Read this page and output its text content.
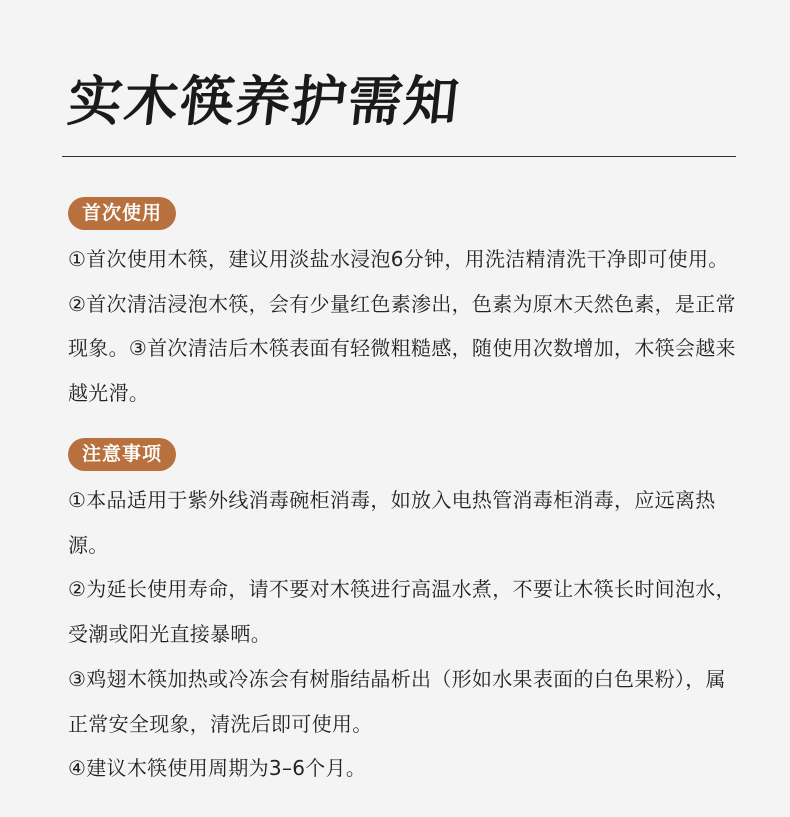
实木筷养护需知
首次使用

①首次使用木筷，建议用淡盐水浸泡6分钟，用洗洁精清洗干净即可使用。②首次清洁浸泡木筷，会有少量红色素渗出，色素为原木天然色素，是正常现象。③首次清洁后木筷表面有轻微粗糙感，随使用次数增加，木筷会越来越光滑。

注意事项

①本品适用于紫外线消毒碗柜消毒，如放入电热管消毒柜消毒，应远离热源。

②为延长使用寿命，请不要对木筷进行高温水煮，不要让木筷长时间泡水，受潮或阳光直接暴晒。

③鸡翅木筷加热或冷冻会有树脂结晶析出（形如水果表面的白色果粉），属正常安全现象，清洗后即可使用。

④建议木筷使用周期为3–6个月。
